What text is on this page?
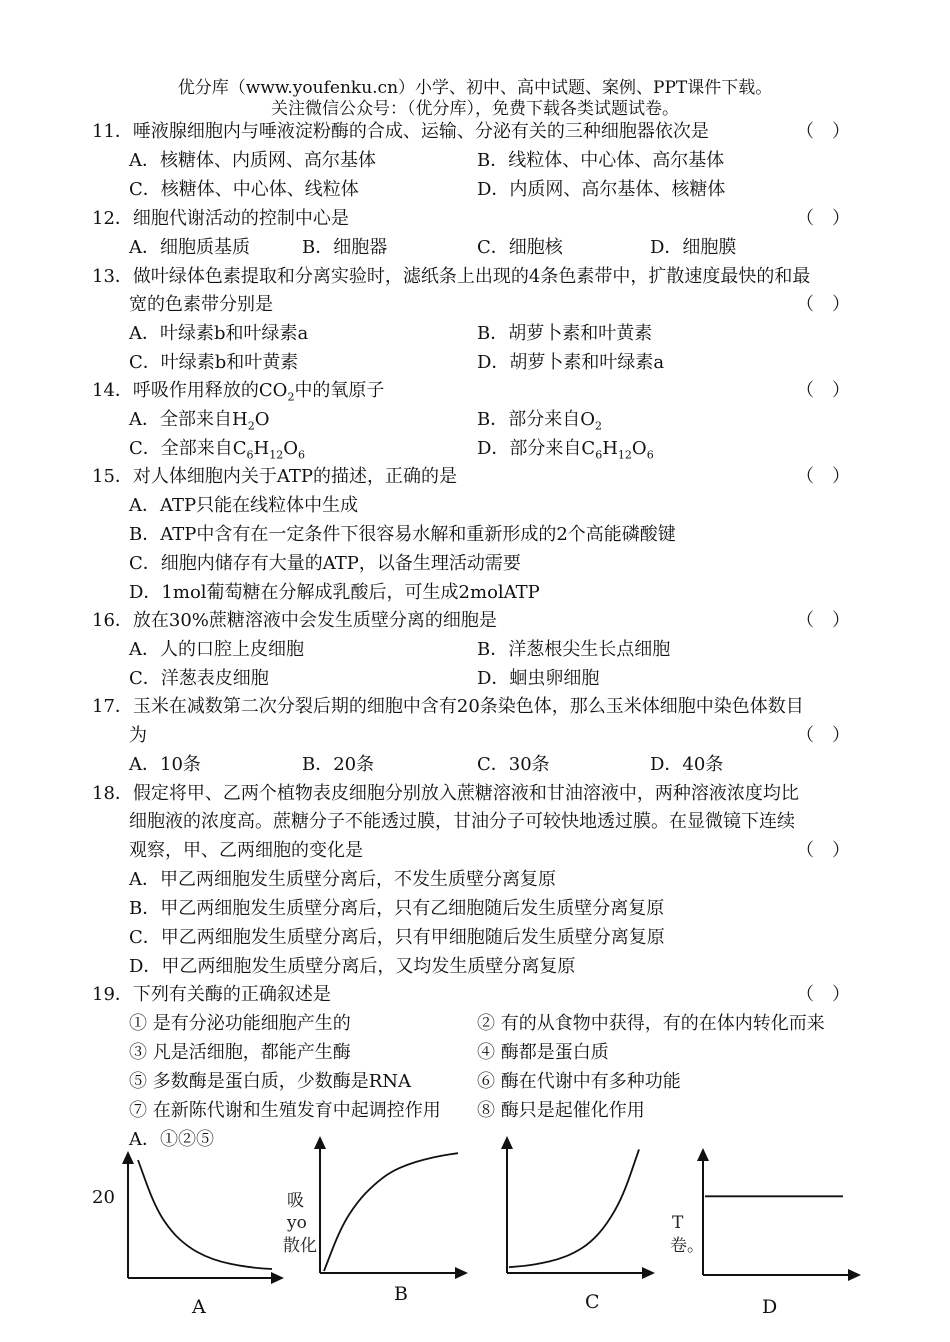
优分库（www.youfenku.cn）小学、初中、高中试题、案例、PPT课件下载。
关注微信公众号：（优分库），免费下载各类试题试卷。
11．唾液腺细胞内与唾液淀粉酶的合成、运输、分泌有关的三种细胞器依次是	（　）
A．核糖体、内质网、高尔基体	B．线粒体、中心体、高尔基体
C．核糖体、中心体、线粒体	D．内质网、高尔基体、核糖体
12．细胞代谢活动的控制中心是	（　）
A．细胞质基质	B．细胞器	C．细胞核	D．细胞膜
13．做叶绿体色素提取和分离实验时，滤纸条上出现的4条色素带中，扩散速度最快的和最
宽的色素带分别是	（　）
A．叶绿素b和叶绿素a	B．胡萝卜素和叶黄素
C．叶绿素b和叶黄素	D．胡萝卜素和叶绿素a
14．呼吸作用释放的$CO_2$中的氧原子	（　）
A．全部来自$H_2O$	B．部分来自$O_2$
C．全部来自$C_6H_{12}O_6$	D．部分来自$C_6H_{12}O_6$
15．对人体细胞内关于ATP的描述，正确的是	（　）
A．ATP只能在线粒体中生成
B．ATP中含有在一定条件下很容易水解和重新形成的2个高能磷酸键
C．细胞内储存有大量的ATP，以备生理活动需要
D．1mol葡萄糖在分解成乳酸后，可生成2molATP
16．放在30%蔗糖溶液中会发生质壁分离的细胞是	（　）
A．人的口腔上皮细胞	B．洋葱根尖生长点细胞
C．洋葱表皮细胞	D．蛔虫卵细胞
17．玉米在减数第二次分裂后期的细胞中含有20条染色体，那么玉米体细胞中染色体数目
为	（　）
A．10条	B．20条	C．30条	D．40条
18．假定将甲、乙两个植物表皮细胞分别放入蔗糖溶液和甘油溶液中，两种溶液浓度均比
细胞液的浓度高。蔗糖分子不能透过膜，甘油分子可较快地透过膜。在显微镜下连续
观察，甲、乙两细胞的变化是	（　）
A．甲乙两细胞发生质壁分离后，不发生质壁分离复原
B．甲乙两细胞发生质壁分离后，只有乙细胞随后发生质壁分离复原
C．甲乙两细胞发生质壁分离后，只有甲细胞随后发生质壁分离复原
D．甲乙两细胞发生质壁分离后，又均发生质壁分离复原
19．下列有关酶的正确叙述是	（　）
① 是有分泌功能细胞产生的	② 有的从食物中获得，有的在体内转化而来
③ 凡是活细胞，都能产生酶	④ 酶都是蛋白质
⑤ 多数酶是蛋白质，少数酶是RNA	⑥ 酶在代谢中有多种功能
⑦ 在新陈代谢和生殖发育中起调控作用 ⑧ 酶只是起催化作用
A．①②⑤
20	吸
yo
散化
T
卷。
A
B	C	D
